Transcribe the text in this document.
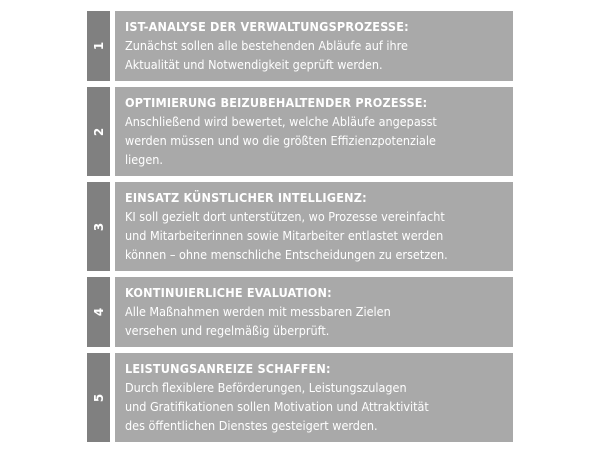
1
IST-ANALYSE DER VERWALTUNGSPROZESSE:
Zunächst sollen alle bestehenden Abläufe auf ihre
Aktualität und Notwendigkeit geprüft werden.
2
OPTIMIERUNG BEIZUBEHALTENDER PROZESSE:
Anschließend wird bewertet, welche Abläufe angepasst
werden müssen und wo die größten Effizienzpotenziale
liegen.
3
EINSATZ KÜNSTLICHER INTELLIGENZ:
KI soll gezielt dort unterstützen, wo Prozesse vereinfacht
und Mitarbeiterinnen sowie Mitarbeiter entlastet werden
können – ohne menschliche Entscheidungen zu ersetzen.
4
KONTINUIERLICHE EVALUATION:
Alle Maßnahmen werden mit messbaren Zielen
versehen und regelmäßig überprüft.
5
LEISTUNGSANREIZE SCHAFFEN:
Durch flexiblere Beförderungen, Leistungszulagen
und Gratifikationen sollen Motivation und Attraktivität
des öffentlichen Dienstes gesteigert werden.
